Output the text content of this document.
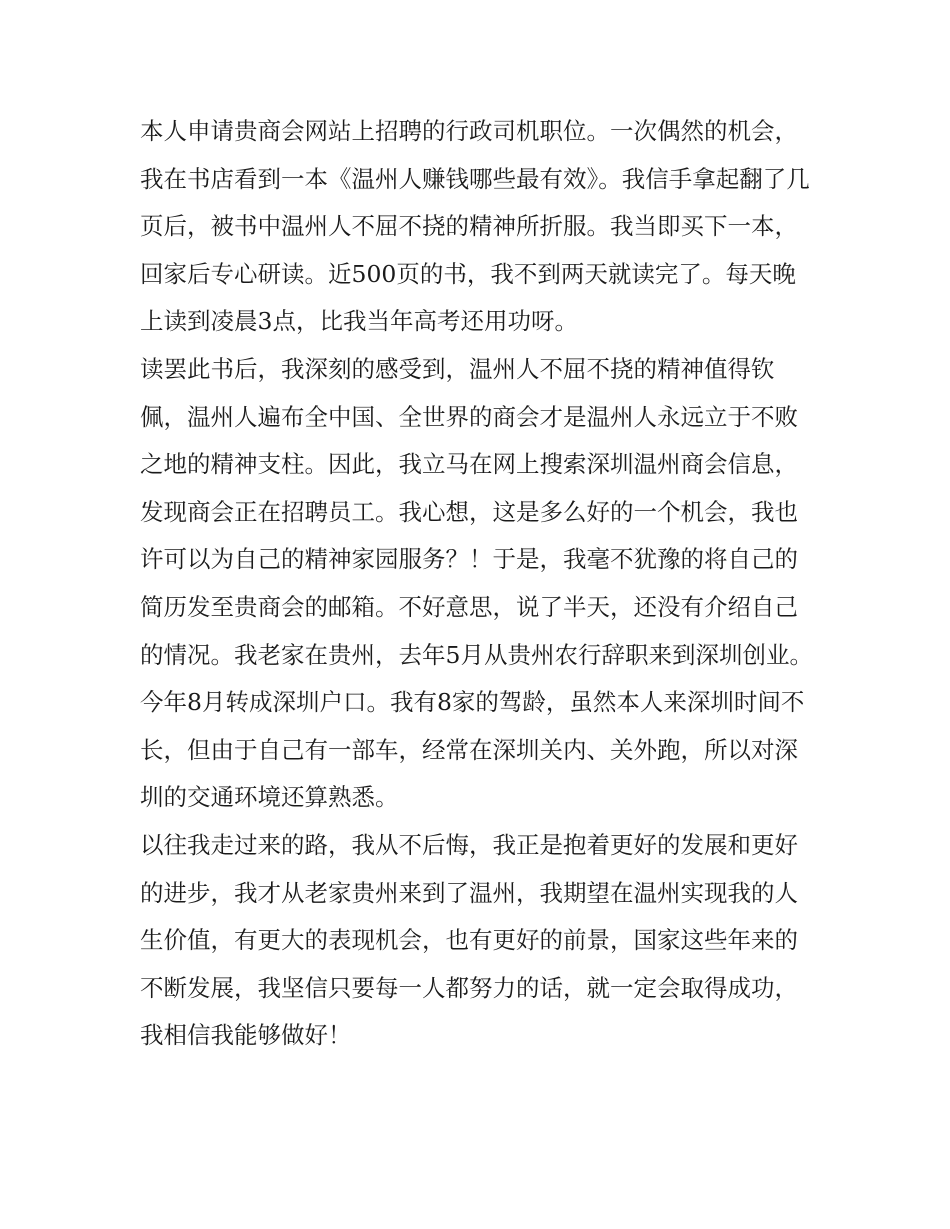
本人申请贵商会网站上招聘的行政司机职位。一次偶然的机会，我在书店看到一本《温州人赚钱哪些最有效》。我信手拿起翻了几页后，被书中温州人不屈不挠的精神所折服。我当即买下一本，回家后专心研读。近500页的书，我不到两天就读完了。每天晚上读到凌晨3点，比我当年高考还用功呀。

读罢此书后，我深刻的感受到，温州人不屈不挠的精神值得钦佩，温州人遍布全中国、全世界的商会才是温州人永远立于不败之地的精神支柱。因此，我立马在网上搜索深圳温州商会信息，发现商会正在招聘员工。我心想，这是多么好的一个机会，我也许可以为自己的精神家园服务？！于是，我毫不犹豫的将自己的简历发至贵商会的邮箱。不好意思，说了半天，还没有介绍自己的情况。我老家在贵州，去年5月从贵州农行辞职来到深圳创业。今年8月转成深圳户口。我有8家的驾龄，虽然本人来深圳时间不长，但由于自己有一部车，经常在深圳关内、关外跑，所以对深圳的交通环境还算熟悉。

以往我走过来的路，我从不后悔，我正是抱着更好的发展和更好的进步，我才从老家贵州来到了温州，我期望在温州实现我的人生价值，有更大的表现机会，也有更好的前景，国家这些年来的不断发展，我坚信只要每一人都努力的话，就一定会取得成功，我相信我能够做好！
